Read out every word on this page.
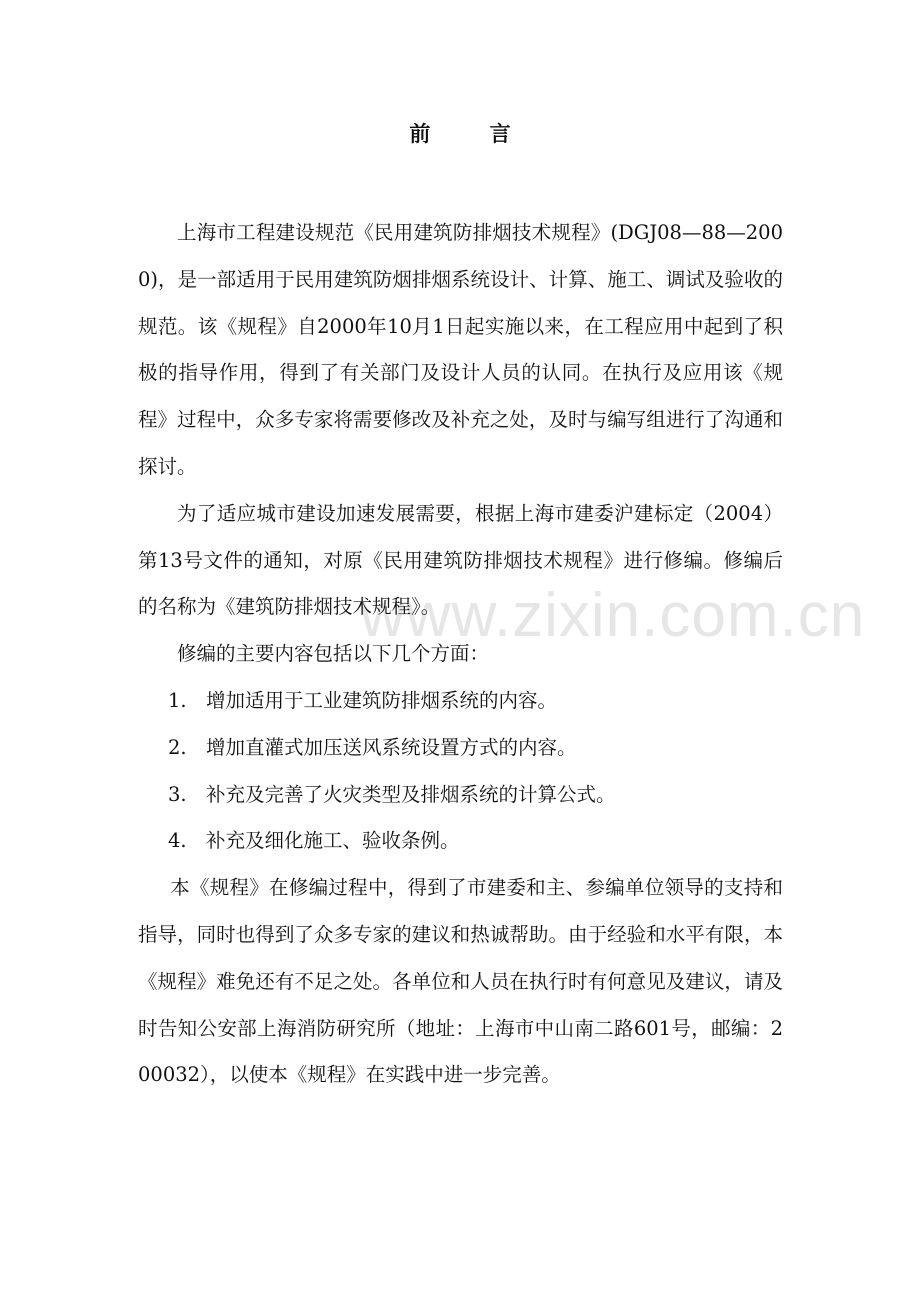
www.zixin.com.cn
前 言

上海市工程建设规范《民用建筑防排烟技术规程》(DGJ08—88—2000)，是一部适用于民用建筑防烟排烟系统设计、计算、施工、调试及验收的规范。该《规程》自2000年10月1日起实施以来，在工程应用中起到了积极的指导作用，得到了有关部门及设计人员的认同。在执行及应用该《规程》过程中，众多专家将需要修改及补充之处，及时与编写组进行了沟通和探讨。

为了适应城市建设加速发展需要，根据上海市建委沪建标定（2004）第13号文件的通知，对原《民用建筑防排烟技术规程》进行修编。修编后的名称为《建筑防排烟技术规程》。

修编的主要内容包括以下几个方面：

1. 增加适用于工业建筑防排烟系统的内容。

2. 增加直灌式加压送风系统设置方式的内容。

3. 补充及完善了火灾类型及排烟系统的计算公式。

4. 补充及细化施工、验收条例。

本《规程》在修编过程中，得到了市建委和主、参编单位领导的支持和指导，同时也得到了众多专家的建议和热诚帮助。由于经验和水平有限，本《规程》难免还有不足之处。各单位和人员在执行时有何意见及建议，请及时告知公安部上海消防研究所（地址：上海市中山南二路601号，邮编：200032），以使本《规程》在实践中进一步完善。
